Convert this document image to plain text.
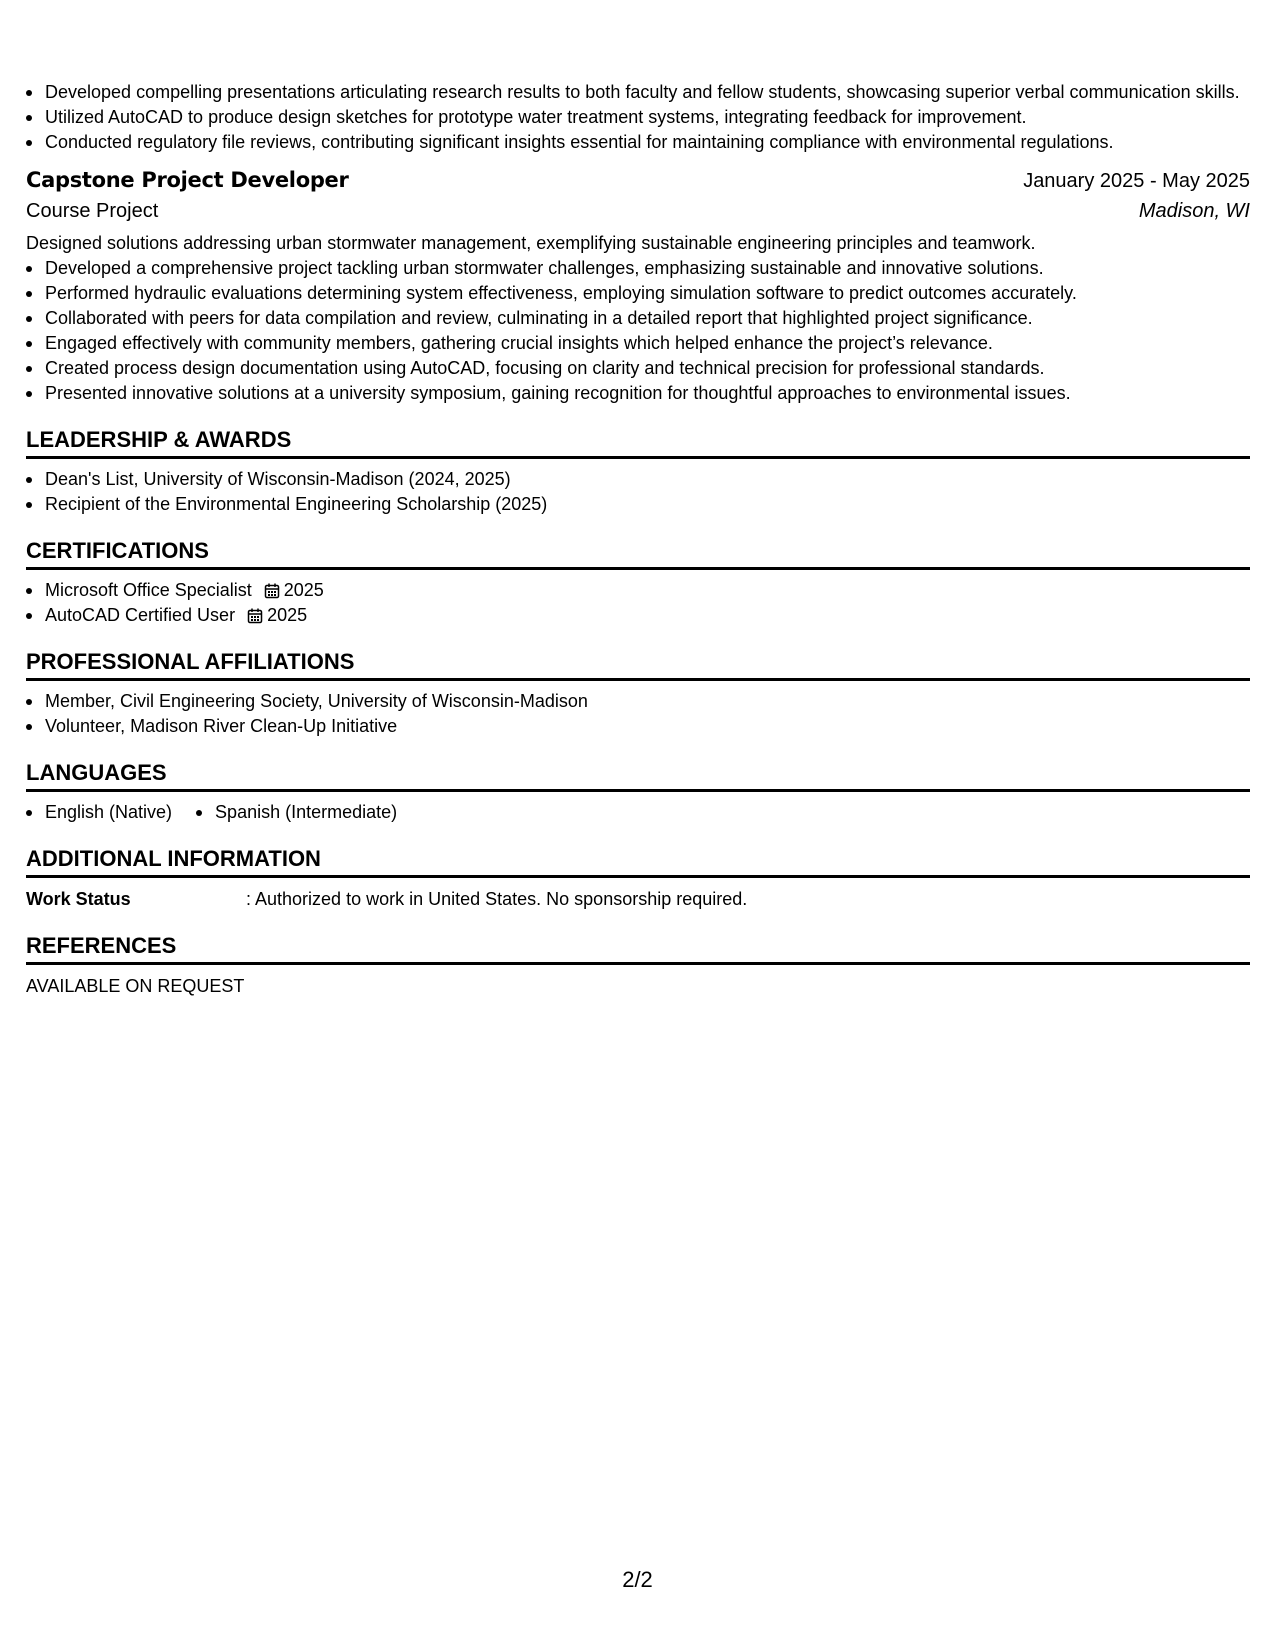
Developed compelling presentations articulating research results to both faculty and fellow students, showcasing superior verbal communication skills.
Utilized AutoCAD to produce design sketches for prototype water treatment systems, integrating feedback for improvement.
Conducted regulatory file reviews, contributing significant insights essential for maintaining compliance with environmental regulations.
Capstone Project Developer	January 2025 - May 2025
Course Project	Madison, WI
Designed solutions addressing urban stormwater management, exemplifying sustainable engineering principles and teamwork.
Developed a comprehensive project tackling urban stormwater challenges, emphasizing sustainable and innovative solutions.
Performed hydraulic evaluations determining system effectiveness, employing simulation software to predict outcomes accurately.
Collaborated with peers for data compilation and review, culminating in a detailed report that highlighted project significance.
Engaged effectively with community members, gathering crucial insights which helped enhance the project’s relevance.
Created process design documentation using AutoCAD, focusing on clarity and technical precision for professional standards.
Presented innovative solutions at a university symposium, gaining recognition for thoughtful approaches to environmental issues.
LEADERSHIP & AWARDS
Dean's List, University of Wisconsin-Madison (2024, 2025)
Recipient of the Environmental Engineering Scholarship (2025)
CERTIFICATIONS
Microsoft Office Specialist 2025
AutoCAD Certified User 2025
PROFESSIONAL AFFILIATIONS
Member, Civil Engineering Society, University of Wisconsin-Madison
Volunteer, Madison River Clean-Up Initiative
LANGUAGES
English (Native)	Spanish (Intermediate)
ADDITIONAL INFORMATION
Work Status	: Authorized to work in United States. No sponsorship required.
REFERENCES
AVAILABLE ON REQUEST
2/2
